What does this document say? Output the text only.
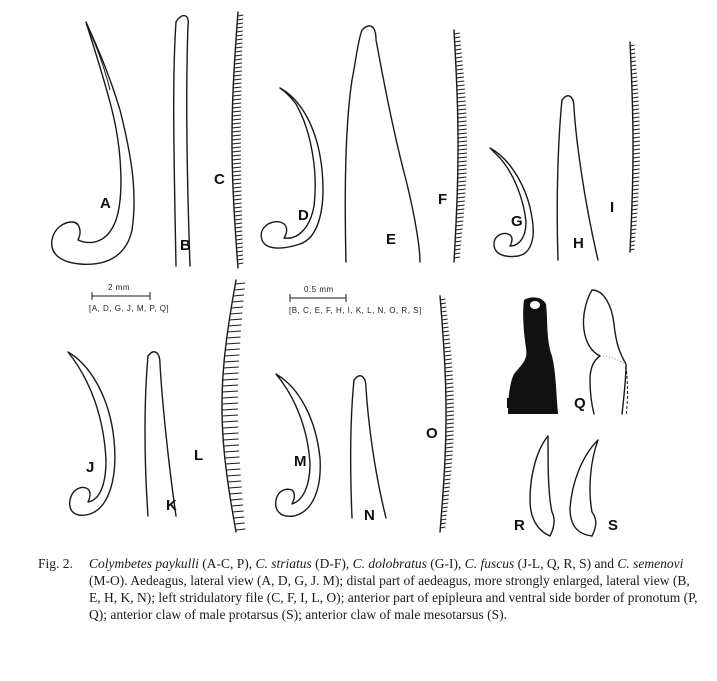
A
B
C
D
E
F
G
H
I
2 mm
[A, D, G, J, M, P, Q]
0.5 mm
[B, C, E, F, H, I, K, L, N, O, R, S]
J
K
L	M
N
O
P	Q
R	S
Fig. 2. Colymbetes paykulli (A-C, P), C. striatus (D-F), C. dolobratus (G-I), C. fuscus (J-L, Q, R, S) and C. semenovi (M-O). Aedeagus, lateral view (A, D, G, J. M); distal part of aedeagus, more strongly enlarged, lateral view (B, E, H, K, N); left stridulatory file (C, F, I, L, O); anterior part of epipleura and ventral side border of pronotum (P, Q); anterior claw of male protarsus (S); anterior claw of male mesotarsus (S).
